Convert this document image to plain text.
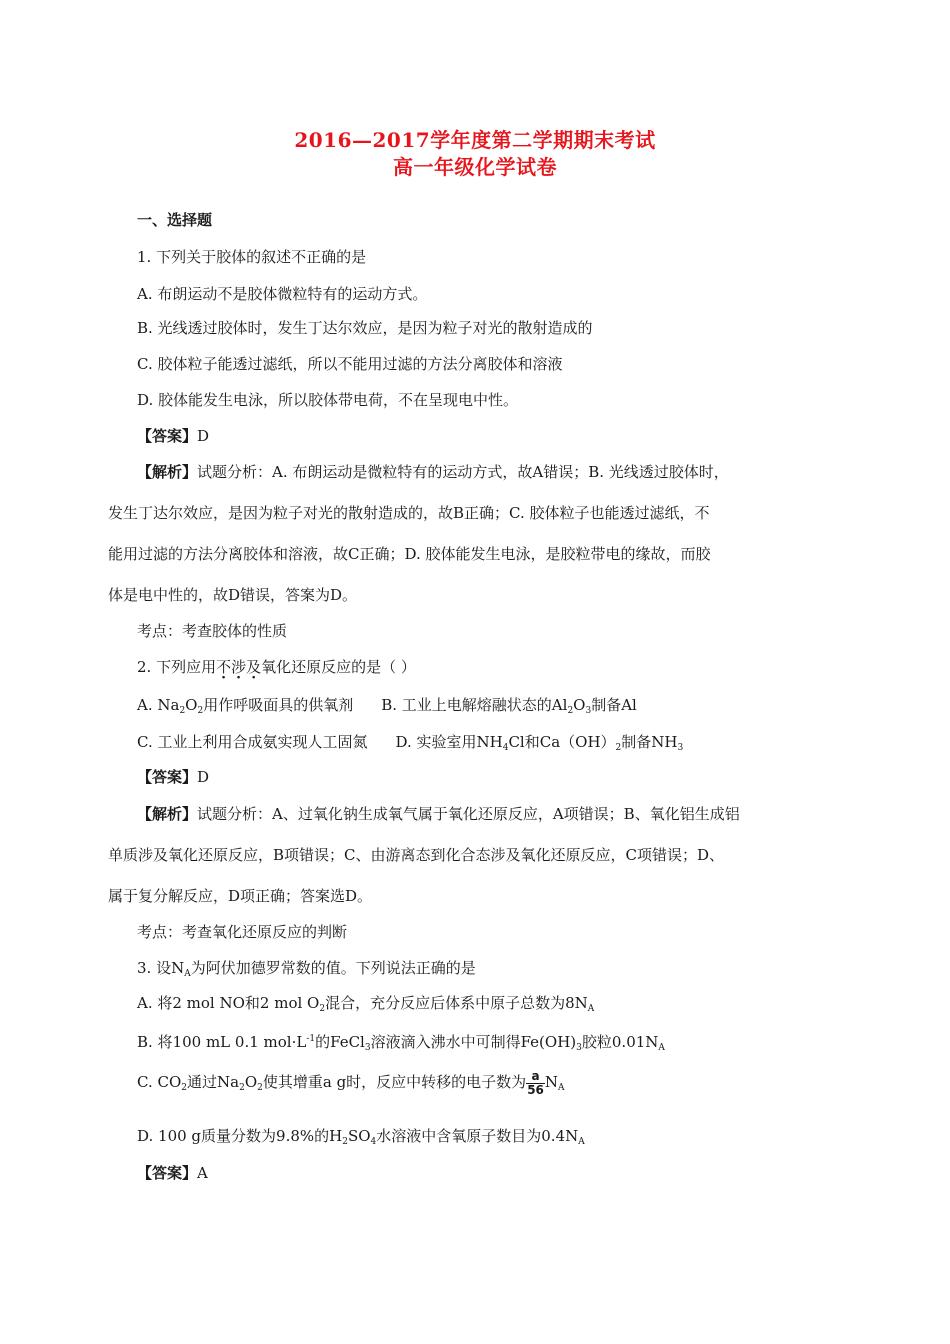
2016—2017学年度第二学期期末考试
高一年级化学试卷
一、选择题
1. 下列关于胶体的叙述不正确的是
A. 布朗运动不是胶体微粒特有的运动方式。
B. 光线透过胶体时，发生丁达尔效应，是因为粒子对光的散射造成的
C. 胶体粒子能透过滤纸，所以不能用过滤的方法分离胶体和溶液
D. 胶体能发生电泳，所以胶体带电荷，不在呈现电中性。
【答案】D
【解析】试题分析：A. 布朗运动是微粒特有的运动方式，故A错误；B. 光线透过胶体时，
发生丁达尔效应，是因为粒子对光的散射造成的，故B正确；C. 胶体粒子也能透过滤纸，不
能用过滤的方法分离胶体和溶液，故C正确；D. 胶体能发生电泳，是胶粒带电的缘故，而胶
体是电中性的，故D错误，答案为D。
考点：考查胶体的性质
2. 下列应用不涉及氧化还原反应的是（ ）
A. $Na_2O_2$用作呼吸面具的供氧剂 B. 工业上电解熔融状态的$Al_2O_3$制备Al
C. 工业上利用合成氨实现人工固氮 D. 实验室用$NH_4Cl$和$Ca(OH)_2$制备$NH_3$
【答案】D
【解析】试题分析：A、过氧化钠生成氧气属于氧化还原反应，A项错误；B、氧化铝生成铝
单质涉及氧化还原反应，B项错误；C、由游离态到化合态涉及氧化还原反应，C项错误；D、
属于复分解反应，D项正确；答案选D。
考点：考查氧化还原反应的判断
3. 设$N_A$为阿伏加德罗常数的值。下列说法正确的是
A. 将2 mol NO和2 mol $O_2$混合，充分反应后体系中原子总数为$8N_A$
B. 将100 mL 0.1 $mol\cdot L^{-1}$的FeCl$_3$溶液滴入沸水中可制得$Fe(OH)_3$胶粒$0.01N_A$
C. $CO_2$通过$Na_2O_2$使其增重a g时，反应中转移的电子数为 $\frac{a}{56} N_A$
D. 100 g质量分数为9.8%的$H_2SO_4$水溶液中含氧原子数目为$0.4N_A$
【答案】A
